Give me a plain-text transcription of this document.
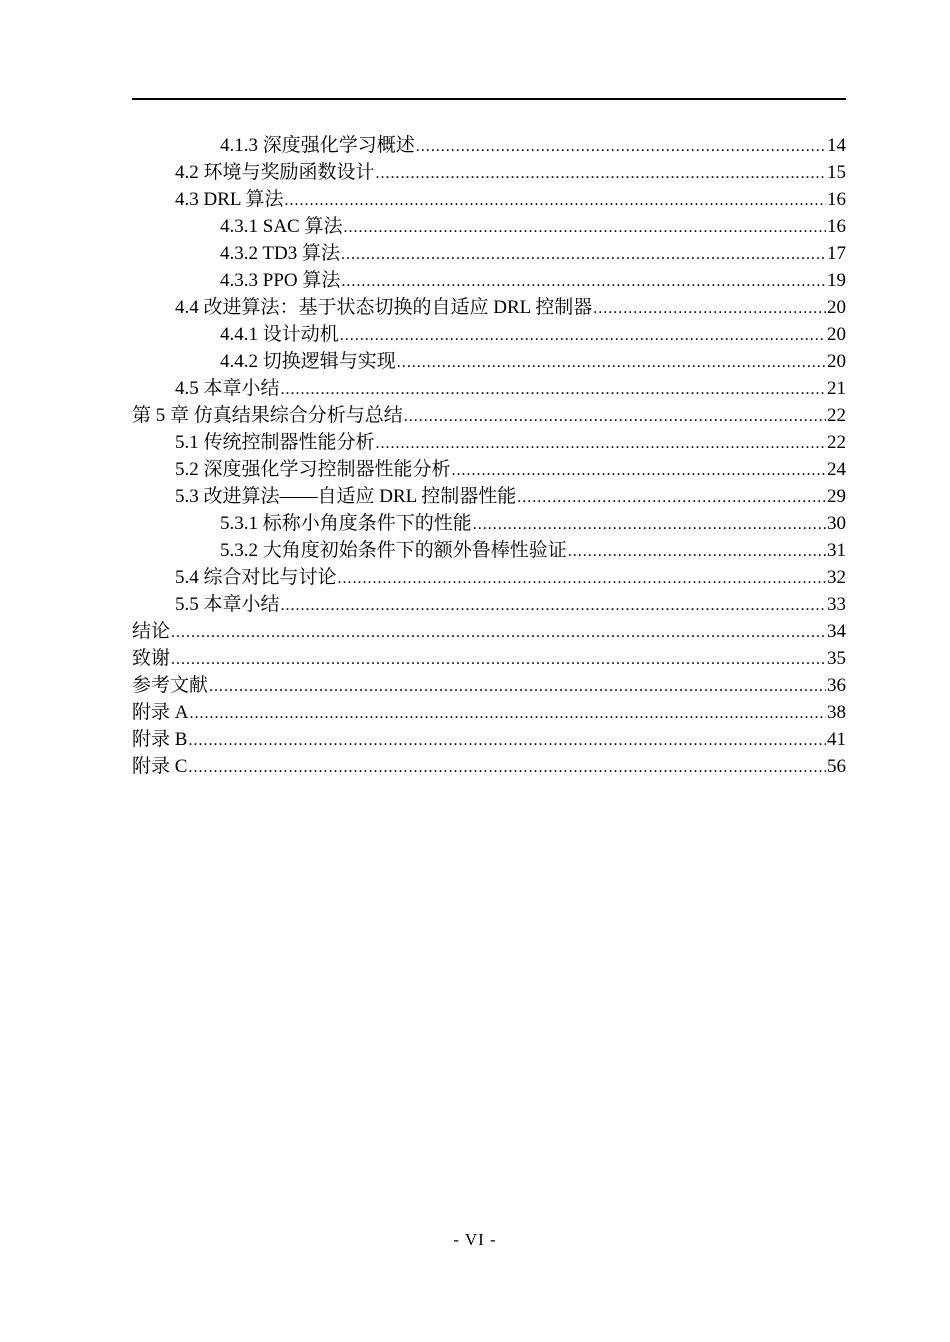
4.1.3 深度强化学习概述 .....	14
4.2 环境与奖励函数设计 .....	15
4.3 DRL 算法 .....	16
4.3.1 SAC 算法 .....	16
4.3.2 TD3 算法 .....	17
4.3.3 PPO 算法 .....	19
4.4 改进算法：基于状态切换的自适应 DRL 控制器 .....	20
4.4.1 设计动机 .....	20
4.4.2 切换逻辑与实现 .....	20
4.5 本章小结 .....	21
第 5 章 仿真结果综合分析与总结 .....	22
5.1 传统控制器性能分析 .....	22
5.2 深度强化学习控制器性能分析 .....	24
5.3 改进算法——自适应 DRL 控制器性能 .....	29
5.3.1 标称小角度条件下的性能 .....	30
5.3.2 大角度初始条件下的额外鲁棒性验证 .....	31
5.4 综合对比与讨论 .....	32
5.5 本章小结 .....	33
结论 .....	34
致谢 .....	35
参考文献 .....	36
附录 A .....	38
附录 B .....	41
附录 C .....	56
- VI -
